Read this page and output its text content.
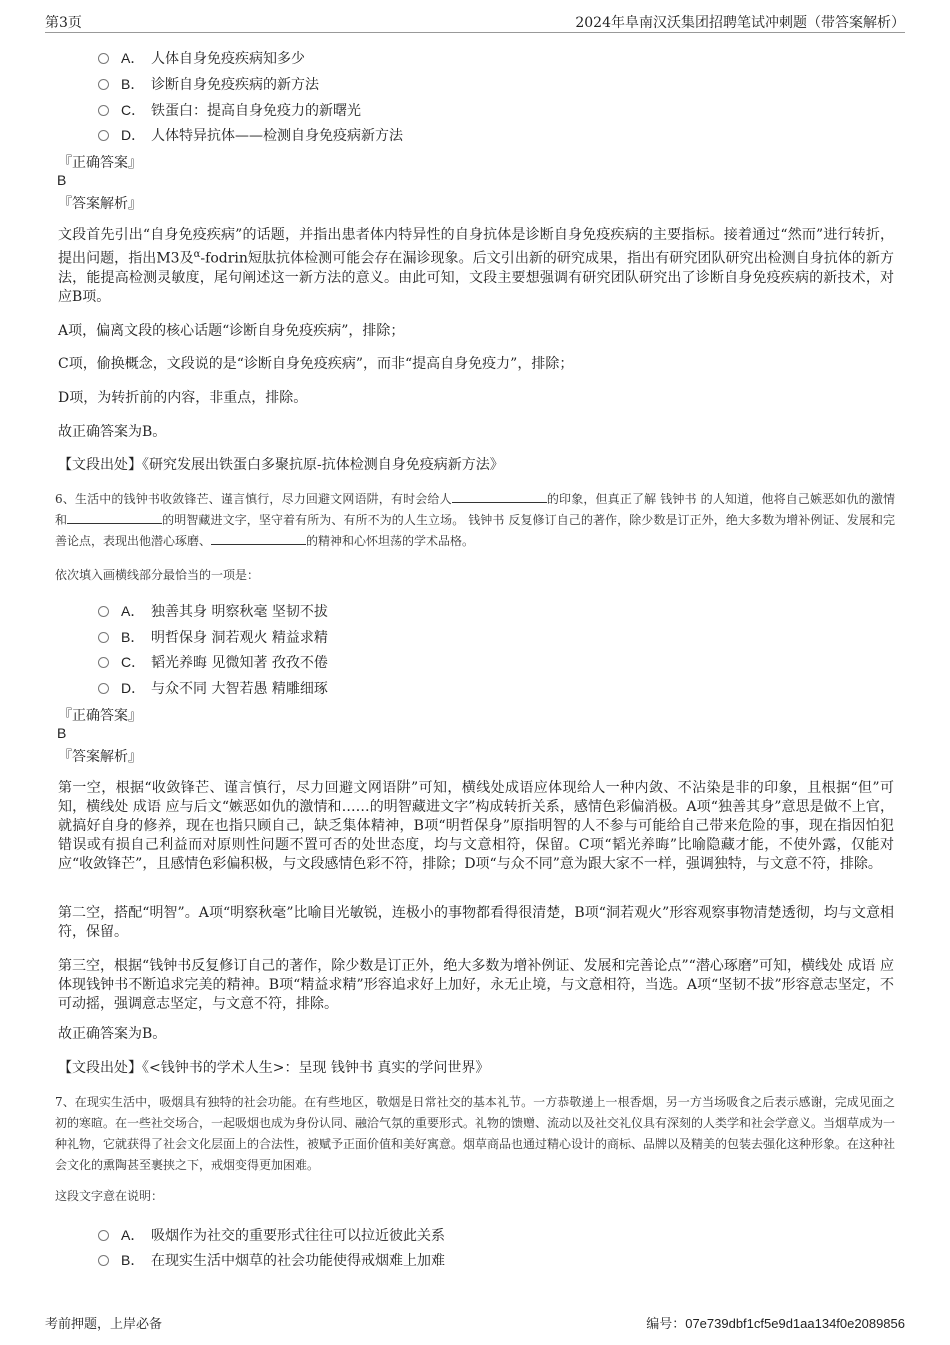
第3页	2024年阜南汉沃集团招聘笔试冲刺题（带答案解析）
A． 人体自身免疫疾病知多少
B． 诊断自身免疫疾病的新方法
C． 铁蛋白：提高自身免疫力的新曙光
D． 人体特异抗体——检测自身免疫病新方法
『正确答案』
B
『答案解析』
文段首先引出“自身免疫疾病”的话题，并指出患者体内特异性的自身抗体是诊断自身免疫疾病的主要指标。接着通过“然而”进行转折，提出问题，指出M3及$^\alpha$-fodrin短肽抗体检测可能会存在漏诊现象。后文引出新的研究成果，指出有研究团队研究出检测自身抗体的新方法，能提高检测灵敏度，尾句阐述这一新方法的意义。由此可知，文段主要想强调有研究团队研究出了诊断自身免疫疾病的新技术，对应B项。
A项，偏离文段的核心话题“诊断自身免疫疾病”，排除；
C项，偷换概念，文段说的是“诊断自身免疫疾病”，而非“提高自身免疫力”，排除；
D项，为转折前的内容，非重点，排除。
故正确答案为B。
【文段出处】《研究发展出铁蛋白多聚抗原-抗体检测自身免疫病新方法》
6、生活中的钱钟书收敛锋芒、谨言慎行，尽力回避文网语阱，有时会给人	的印象，但真正了解 钱钟书 的人知道，他将自己嫉恶如仇的激情和	的明智藏进文字，坚守着有所为、有所不为的人生立场。 钱钟书 反复修订自己的著作，除少数是订正外，绝大多数为增补例证、发展和完善论点，表现出他潜心琢磨、	的精神和心怀坦荡的学术品格。
依次填入画横线部分最恰当的一项是：
A． 独善其身 明察秋毫 坚韧不拔
B． 明哲保身 洞若观火 精益求精
C． 韬光养晦 见微知著 孜孜不倦
D． 与众不同 大智若愚 精雕细琢
『正确答案』
B
『答案解析』
第一空，根据“收敛锋芒、谨言慎行，尽力回避文网语阱”可知，横线处成语应体现给人一种内敛、不沾染是非的印象，且根据“但”可知，横线处 成语 应与后文“嫉恶如仇的激情和……的明智藏进文字”构成转折关系，感情色彩偏消极。A项“独善其身”意思是做不上官，就搞好自身的修养，现在也指只顾自己，缺乏集体精神，B项“明哲保身”原指明智的人不参与可能给自己带来危险的事，现在指因怕犯错误或有损自己利益而对原则性问题不置可否的处世态度，均与文意相符，保留。C项“韬光养晦”比喻隐藏才能，不使外露，仅能对应“收敛锋芒”，且感情色彩偏积极，与文段感情色彩不符，排除；D项“与众不同”意为跟大家不一样，强调独特，与文意不符，排除。
第二空，搭配“明智”。A项“明察秋毫”比喻目光敏锐，连极小的事物都看得很清楚，B项“洞若观火”形容观察事物清楚透彻，均与文意相符，保留。
第三空，根据“钱钟书反复修订自己的著作，除少数是订正外，绝大多数为增补例证、发展和完善论点”“潜心琢磨”可知，横线处 成语 应体现钱钟书不断追求完美的精神。B项“精益求精”形容追求好上加好，永无止境，与文意相符，当选。A项“坚韧不拔”形容意志坚定，不可动摇，强调意志坚定，与文意不符，排除。
故正确答案为B。
【文段出处】《<钱钟书的学术人生>：呈现 钱钟书 真实的学问世界》
7、在现实生活中，吸烟具有独特的社会功能。在有些地区，敬烟是日常社交的基本礼节。一方恭敬递上一根香烟，另一方当场吸食之后表示感谢，完成见面之初的寒暄。在一些社交场合，一起吸烟也成为身份认同、融洽气氛的重要形式。礼物的馈赠、流动以及社交礼仪具有深刻的人类学和社会学意义。当烟草成为一种礼物，它就获得了社会文化层面上的合法性，被赋予正面价值和美好寓意。烟草商品也通过精心设计的商标、品牌以及精美的包装去强化这种形象。在这种社会文化的熏陶甚至裹挟之下，戒烟变得更加困难。
这段文字意在说明：
A． 吸烟作为社交的重要形式往往可以拉近彼此关系
B． 在现实生活中烟草的社会功能使得戒烟难上加难
考前押题，上岸必备	编号：07e739dbf1cf5e9d1aa134f0e2089856
